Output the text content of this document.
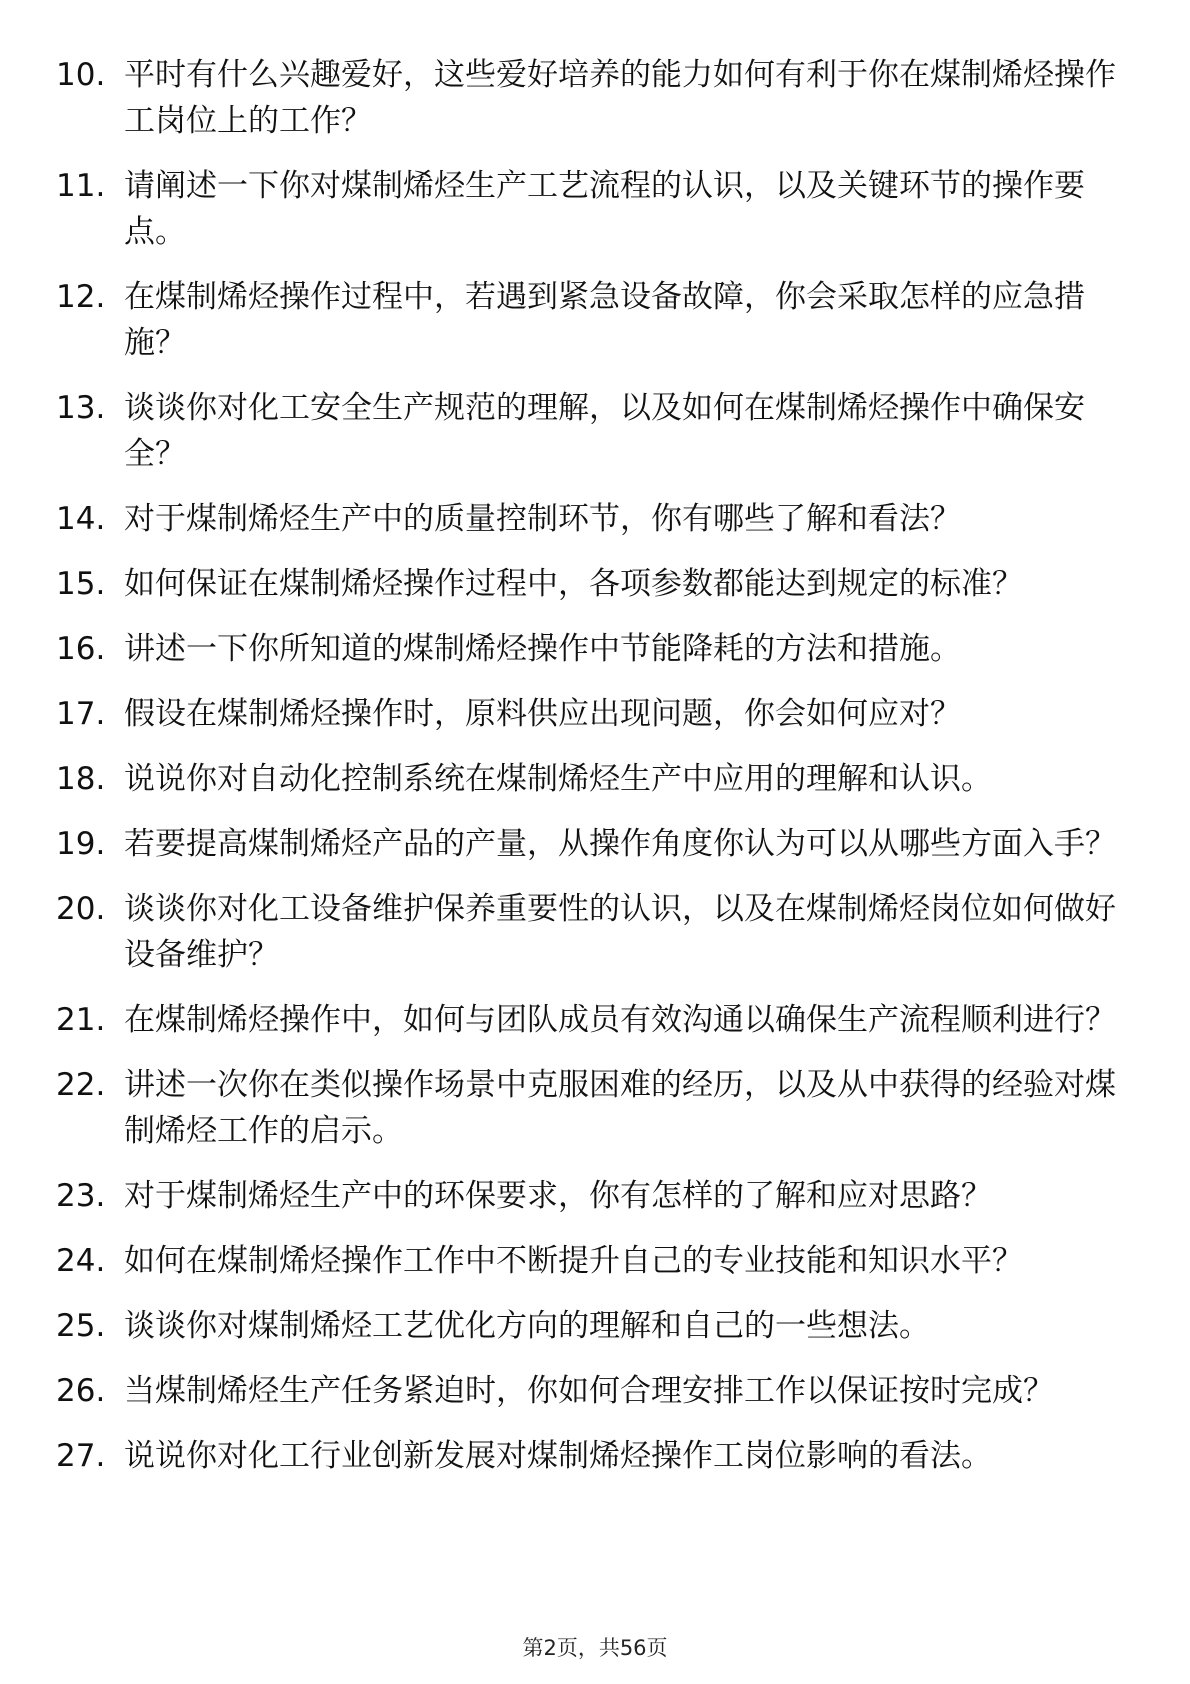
10. 平时有什么兴趣爱好，这些爱好培养的能力如何有利于你在煤制烯烃操作工岗位上的工作？
11. 请阐述一下你对煤制烯烃生产工艺流程的认识，以及关键环节的操作要点。
12. 在煤制烯烃操作过程中，若遇到紧急设备故障，你会采取怎样的应急措施？
13. 谈谈你对化工安全生产规范的理解，以及如何在煤制烯烃操作中确保安全？
14. 对于煤制烯烃生产中的质量控制环节，你有哪些了解和看法？
15. 如何保证在煤制烯烃操作过程中，各项参数都能达到规定的标准？
16. 讲述一下你所知道的煤制烯烃操作中节能降耗的方法和措施。
17. 假设在煤制烯烃操作时，原料供应出现问题，你会如何应对？
18. 说说你对自动化控制系统在煤制烯烃生产中应用的理解和认识。
19. 若要提高煤制烯烃产品的产量，从操作角度你认为可以从哪些方面入手？
20. 谈谈你对化工设备维护保养重要性的认识，以及在煤制烯烃岗位如何做好设备维护？
21. 在煤制烯烃操作中，如何与团队成员有效沟通以确保生产流程顺利进行？
22. 讲述一次你在类似操作场景中克服困难的经历，以及从中获得的经验对煤制烯烃工作的启示。
23. 对于煤制烯烃生产中的环保要求，你有怎样的了解和应对思路？
24. 如何在煤制烯烃操作工作中不断提升自己的专业技能和知识水平？
25. 谈谈你对煤制烯烃工艺优化方向的理解和自己的一些想法。
26. 当煤制烯烃生产任务紧迫时，你如何合理安排工作以保证按时完成？
27. 说说你对化工行业创新发展对煤制烯烃操作工岗位影响的看法。
第2页，共56页
